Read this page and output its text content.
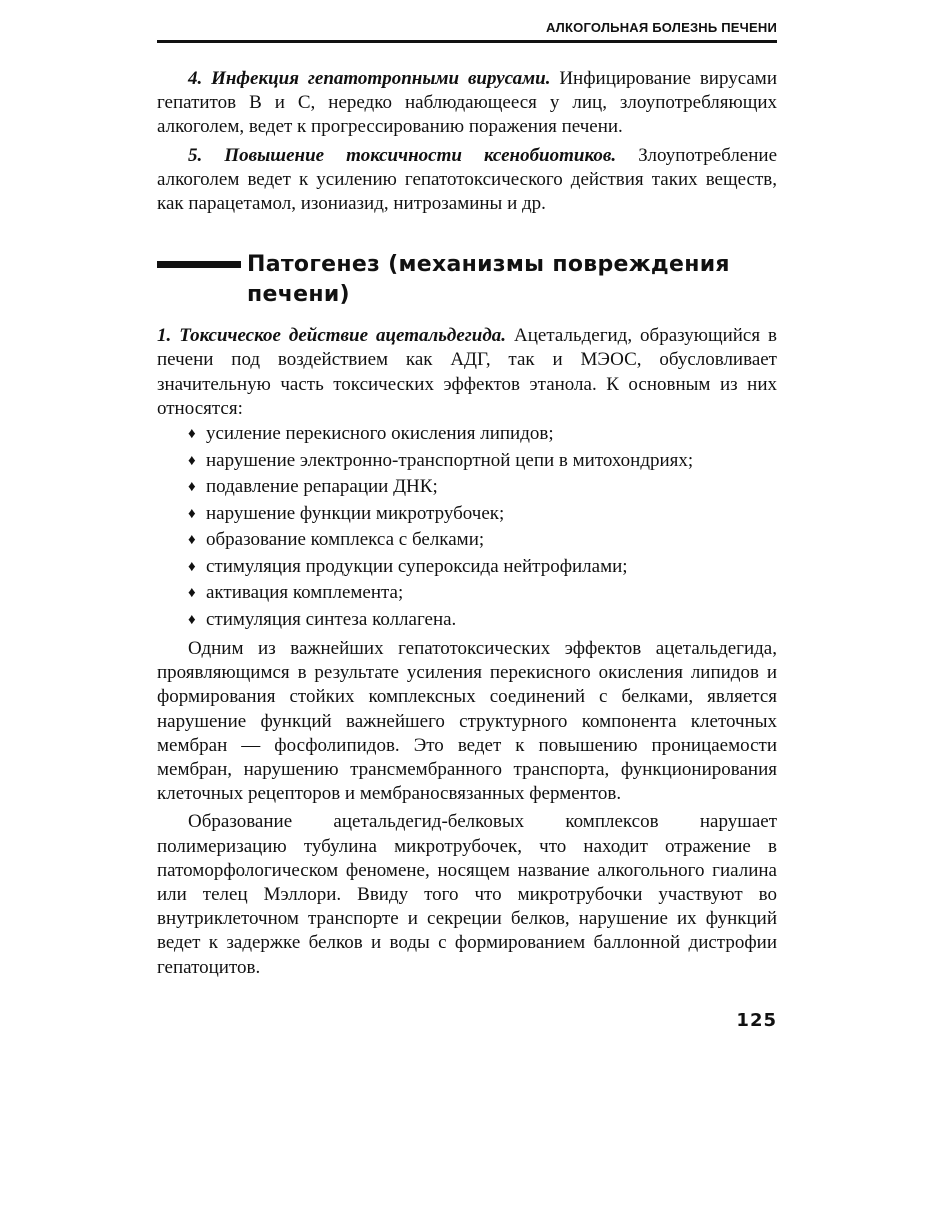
АЛКОГОЛЬНАЯ БОЛЕЗНЬ ПЕЧЕНИ

4. Инфекция гепатотропными вирусами. Инфицирование вирусами гепатитов В и С, нередко наблюдающееся у лиц, злоупотребляющих алкоголем, ведет к прогрессированию поражения печени.

5. Повышение токсичности ксенобиотиков. Злоупотребление алкоголем ведет к усилению гепатотоксического действия таких веществ, как парацетамол, изониазид, нитрозамины и др.

Патогенез (механизмы повреждения печени)

1. Токсическое действие ацетальдегида. Ацетальдегид, образующийся в печени под воздействием как АДГ, так и МЭОС, обусловливает значительную часть токсических эффектов этанола. К основным из них относятся:

♦ усиление перекисного окисления липидов;
♦ нарушение электронно-транспортной цепи в митохондриях;
♦ подавление репарации ДНК;
♦ нарушение функции микротрубочек;
♦ образование комплекса с белками;
♦ стимуляция продукции супероксида нейтрофилами;
♦ активация комплемента;
♦ стимуляция синтеза коллагена.

Одним из важнейших гепатотоксических эффектов ацетальдегида, проявляющимся в результате усиления перекисного окисления липидов и формирования стойких комплексных соединений с белками, является нарушение функций важнейшего структурного компонента клеточных мембран — фосфолипидов. Это ведет к повышению проницаемости мембран, нарушению трансмембранного транспорта, функционирования клеточных рецепторов и мембраносвязанных ферментов.

Образование ацетальдегид-белковых комплексов нарушает полимеризацию тубулина микротрубочек, что находит отражение в патоморфологическом феномене, носящем название алкогольного гиалина или телец Мэллори. Ввиду того что микротрубочки участвуют во внутриклеточном транспорте и секреции белков, нарушение их функций ведет к задержке белков и воды с формированием баллонной дистрофии гепатоцитов.

125
